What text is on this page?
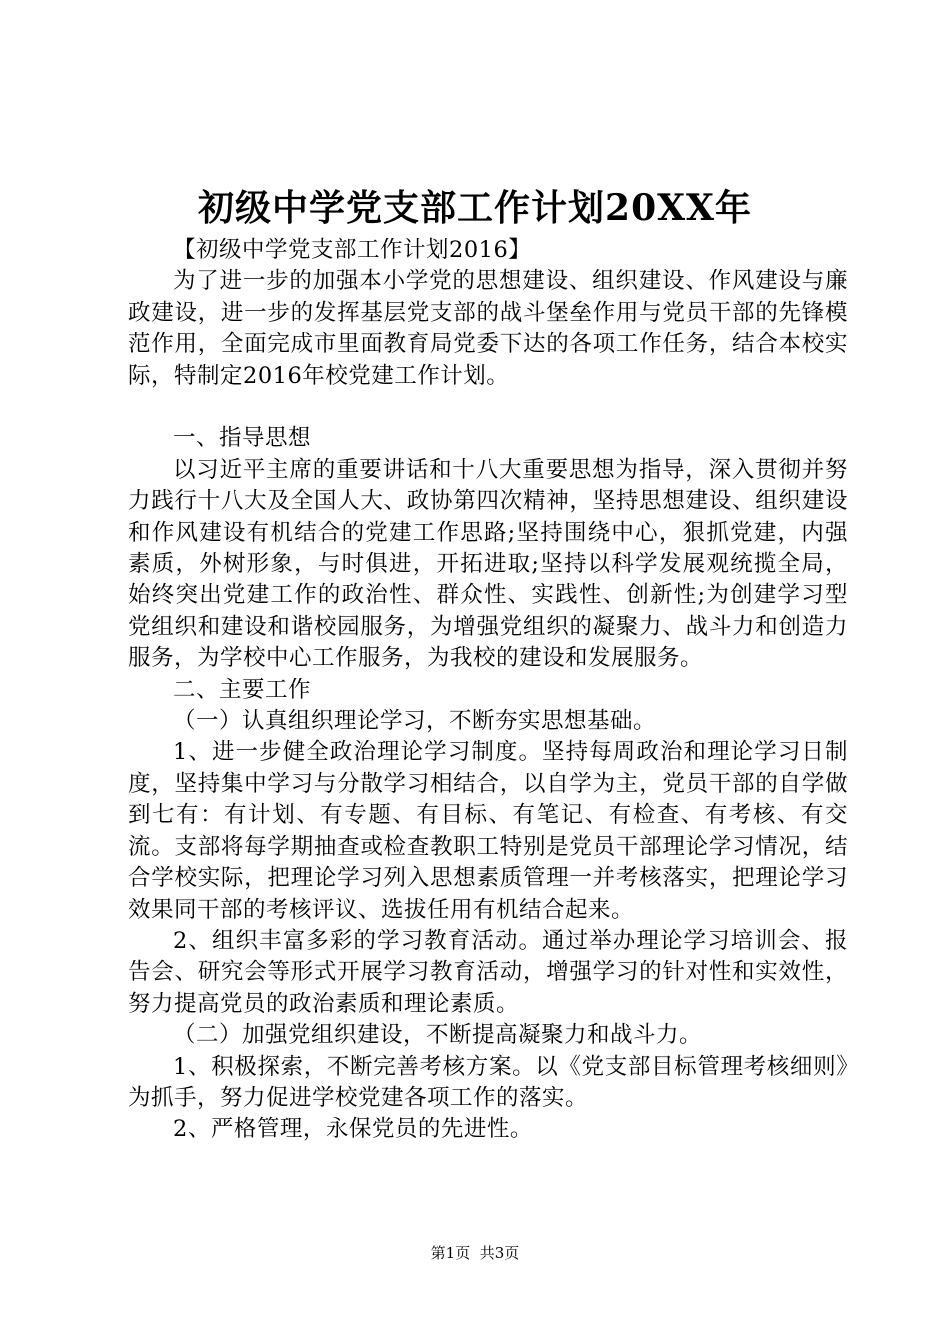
初级中学党支部工作计划20XX年

【初级中学党支部工作计划2016】

为了进一步的加强本小学党的思想建设、组织建设、作风建设与廉政建设，进一步的发挥基层党支部的战斗堡垒作用与党员干部的先锋模范作用，全面完成市里面教育局党委下达的各项工作任务，结合本校实际，特制定2016年校党建工作计划。

一、指导思想

以习近平主席的重要讲话和十八大重要思想为指导，深入贯彻并努力践行十八大及全国人大、政协第四次精神，坚持思想建设、组织建设和作风建设有机结合的党建工作思路;坚持围绕中心，狠抓党建，内强素质，外树形象，与时俱进，开拓进取;坚持以科学发展观统揽全局，始终突出党建工作的政治性、群众性、实践性、创新性;为创建学习型党组织和建设和谐校园服务，为增强党组织的凝聚力、战斗力和创造力服务，为学校中心工作服务，为我校的建设和发展服务。

二、主要工作

（一）认真组织理论学习，不断夯实思想基础。

1、进一步健全政治理论学习制度。坚持每周政治和理论学习日制度，坚持集中学习与分散学习相结合，以自学为主，党员干部的自学做到七有：有计划、有专题、有目标、有笔记、有检查、有考核、有交流。支部将每学期抽查或检查教职工特别是党员干部理论学习情况，结合学校实际，把理论学习列入思想素质管理一并考核落实，把理论学习效果同干部的考核评议、选拔任用有机结合起来。

2、组织丰富多彩的学习教育活动。通过举办理论学习培训会、报告会、研究会等形式开展学习教育活动，增强学习的针对性和实效性，努力提高党员的政治素质和理论素质。

（二）加强党组织建设，不断提高凝聚力和战斗力。

1、积极探索，不断完善考核方案。以《党支部目标管理考核细则》为抓手，努力促进学校党建各项工作的落实。

2、严格管理，永保党员的先进性。

第1页 共3页
